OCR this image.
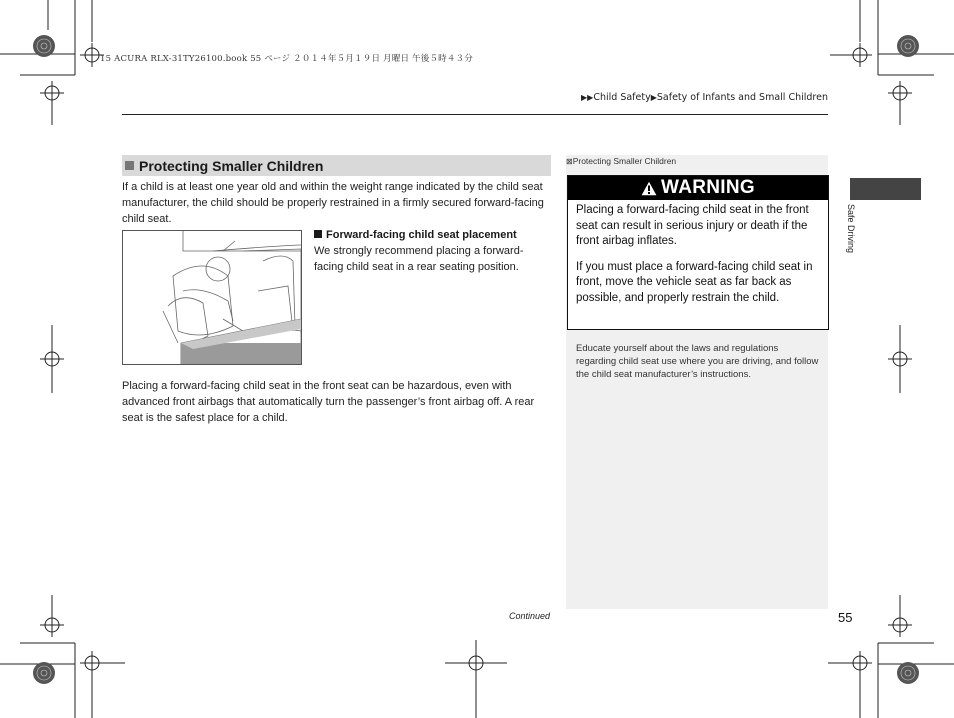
15 ACURA RLX-31TY26100.book 55 ページ ２０１４年５月１９日 月曜日 午後５時４３分
▶▶Child Safety▶Safety of Infants and Small Children
Protecting Smaller Children
If a child is at least one year old and within the weight range indicated by the child seat manufacturer, the child should be properly restrained in a firmly secured forward-facing child seat.
Forward-facing child seat placement
We strongly recommend placing a forward-facing child seat in a rear seating position.
Placing a forward-facing child seat in the front seat can be hazardous, even with advanced front airbags that automatically turn the passenger’s front airbag off. A rear seat is the safest place for a child.
Continued	55
⊠Protecting Smaller Children
WARNING

Placing a forward-facing child seat in the front seat can result in serious injury or death if the front airbag inflates.

If you must place a forward-facing child seat in front, move the vehicle seat as far back as possible, and properly restrain the child.

Educate yourself about the laws and regulations regarding child seat use where you are driving, and follow the child seat manufacturer’s instructions.
Safe Driving
